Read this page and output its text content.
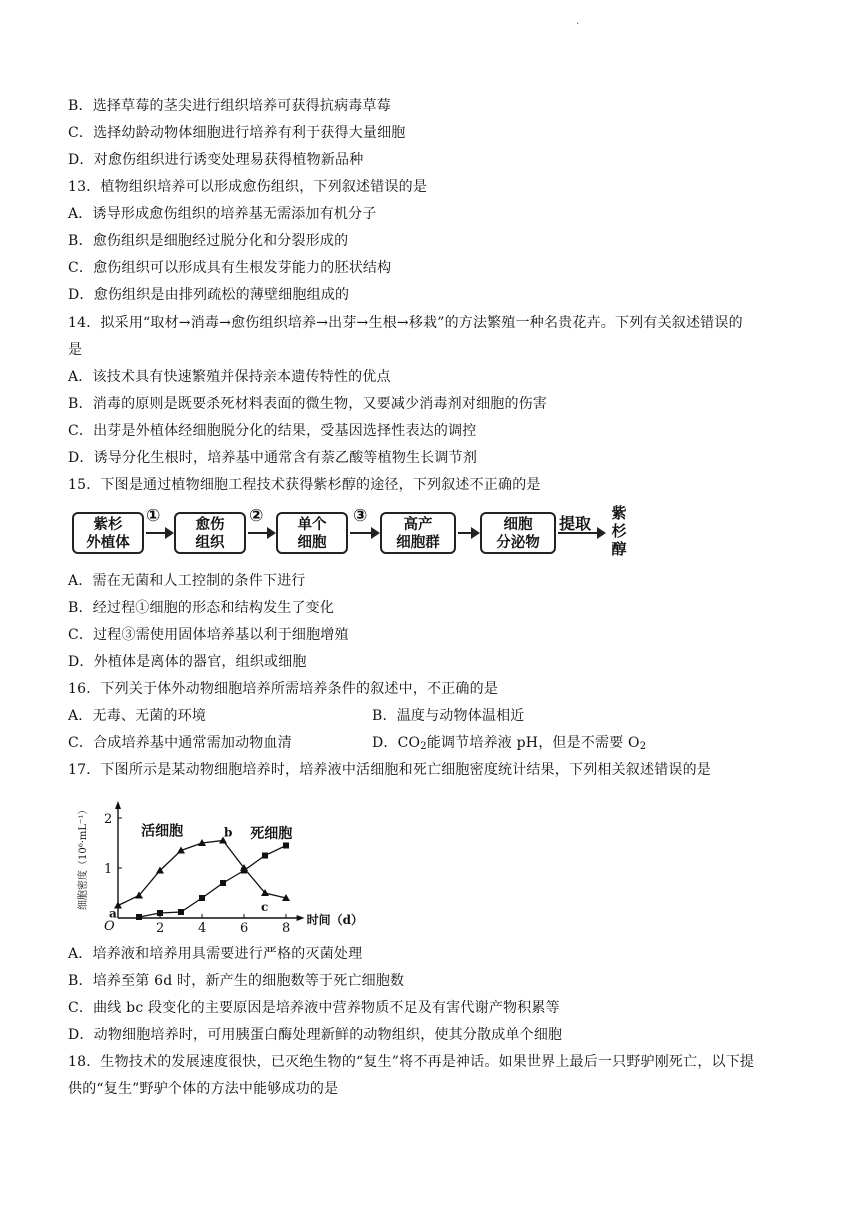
.
B．选择草莓的茎尖进行组织培养可获得抗病毒草莓
C．选择幼龄动物体细胞进行培养有利于获得大量细胞
D．对愈伤组织进行诱变处理易获得植物新品种
13．植物组织培养可以形成愈伤组织，下列叙述错误的是
A．诱导形成愈伤组织的培养基无需添加有机分子
B．愈伤组织是细胞经过脱分化和分裂形成的
C．愈伤组织可以形成具有生根发芽能力的胚状结构
D．愈伤组织是由排列疏松的薄壁细胞组成的
14．拟采用“取材→消毒→愈伤组织培养→出芽→生根→移栽”的方法繁殖一种名贵花卉。下列有关叙述错误的
是
A．该技术具有快速繁殖并保持亲本遗传特性的优点
B．消毒的原则是既要杀死材料表面的微生物，又要减少消毒剂对细胞的伤害
C．出芽是外植体经细胞脱分化的结果，受基因选择性表达的调控
D．诱导分化生根时，培养基中通常含有萘乙酸等植物生长调节剂
15．下图是通过植物细胞工程技术获得紫杉醇的途径，下列叙述不正确的是
紫杉
外植体
①	愈伤
组织
②	单个
细胞
③	高产
细胞群
细胞
分泌物
提取
紫
杉
醇
A．需在无菌和人工控制的条件下进行
B．经过程①细胞的形态和结构发生了变化
C．过程③需使用固体培养基以利于细胞增殖
D．外植体是离体的器官，组织或细胞
16．下列关于体外动物细胞培养所需培养条件的叙述中，不正确的是
A．无毒、无菌的环境	B．温度与动物体温相近
C．合成培养基中通常需加动物血清	D．$CO_2$能调节培养液 pH，但是不需要 $O_2$
17．下图所示是某动物细胞培养时，培养液中活细胞和死亡细胞密度统计结果，下列相关叙述错误的是
2	4	6	8
1
2
O	时间（d）
细胞密度（10⁶·mL⁻¹）	活细胞	死细胞
a
b
c
A．培养液和培养用具需要进行严格的灭菌处理
B．培养至第 6d 时，新产生的细胞数等于死亡细胞数
C．曲线 bc 段变化的主要原因是培养液中营养物质不足及有害代谢产物积累等
D．动物细胞培养时，可用胰蛋白酶处理新鲜的动物组织，使其分散成单个细胞
18．生物技术的发展速度很快，已灭绝生物的“复生”将不再是神话。如果世界上最后一只野驴刚死亡，以下提
供的“复生”野驴个体的方法中能够成功的是
